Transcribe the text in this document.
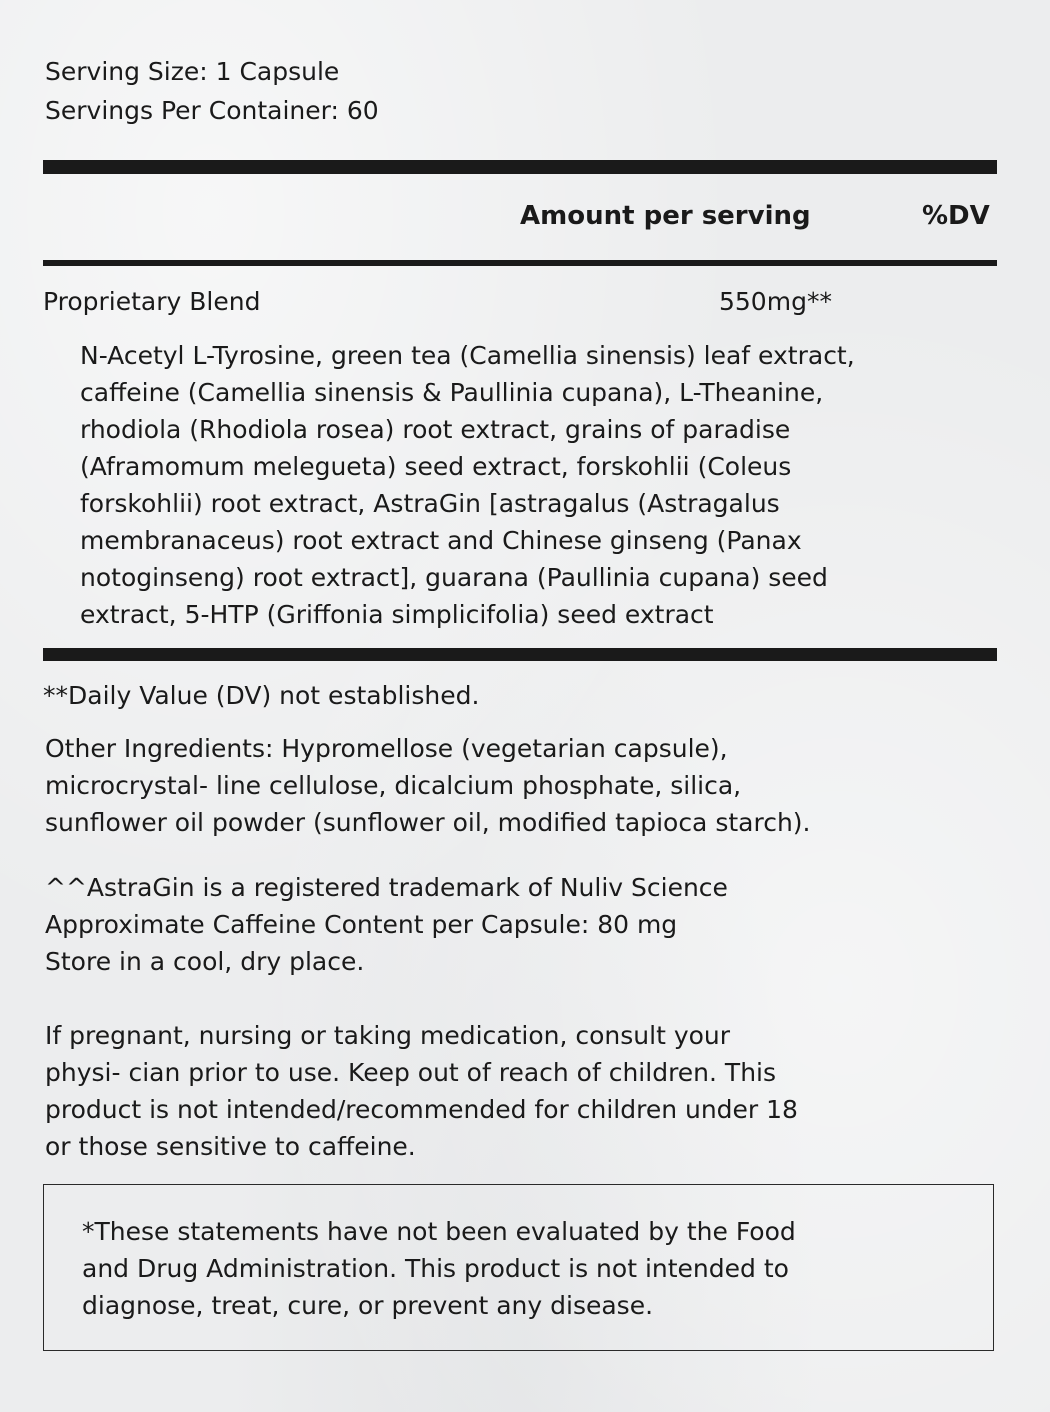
Serving Size: 1 Capsule
Servings Per Container: 60
Amount per serving	%DV
Proprietary Blend	550mg**
N-Acetyl L-Tyrosine, green tea (Camellia sinensis) leaf extract,
caffeine (Camellia sinensis & Paullinia cupana), L-Theanine,
rhodiola (Rhodiola rosea) root extract, grains of paradise
(Aframomum melegueta) seed extract, forskohlii (Coleus
forskohlii) root extract, AstraGin [astragalus (Astragalus
membranaceus) root extract and Chinese ginseng (Panax
notoginseng) root extract], guarana (Paullinia cupana) seed
extract, 5-HTP (Griffonia simplicifolia) seed extract
**Daily Value (DV) not established.
Other Ingredients: Hypromellose (vegetarian capsule),
microcrystal- line cellulose, dicalcium phosphate, silica,
sunflower oil powder (sunflower oil, modified tapioca starch).
^^AstraGin is a registered trademark of Nuliv Science
Approximate Caffeine Content per Capsule: 80 mg
Store in a cool, dry place.
If pregnant, nursing or taking medication, consult your
physi- cian prior to use. Keep out of reach of children. This
product is not intended/recommended for children under 18
or those sensitive to caffeine.
*These statements have not been evaluated by the Food
and Drug Administration. This product is not intended to
diagnose, treat, cure, or prevent any disease.
